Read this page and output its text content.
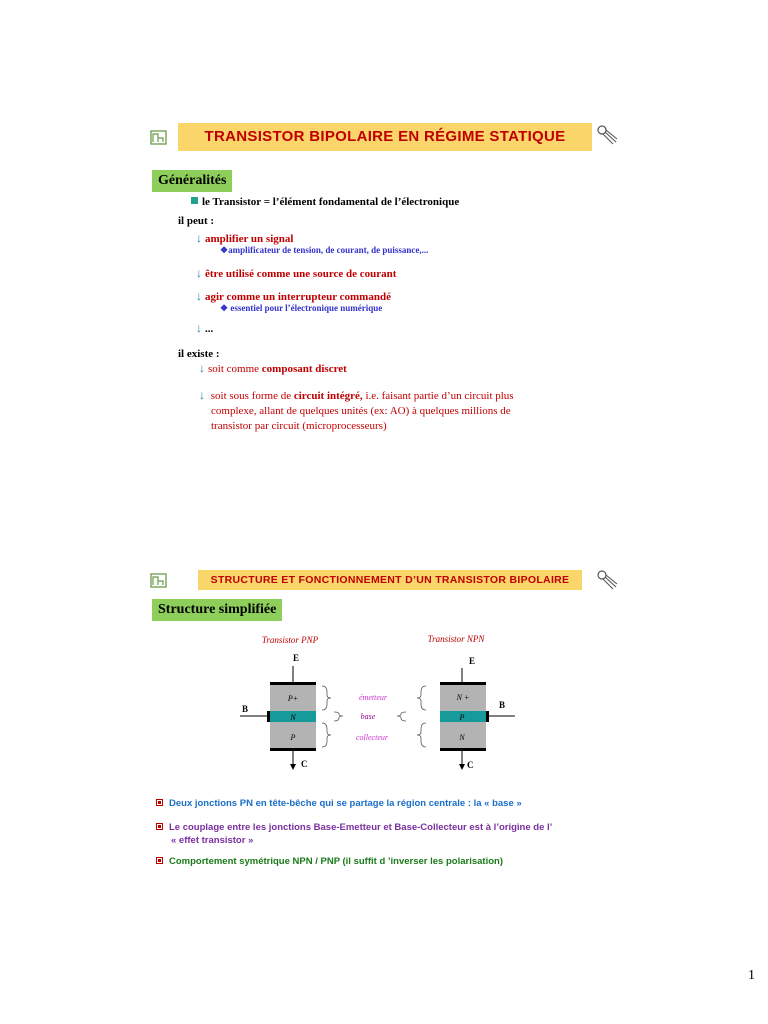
TRANSISTOR BIPOLAIRE EN RÉGIME STATIQUE
Généralités
le Transistor = l’élément fondamental de l’électronique
il peut :
↓ amplifier un signal
❖amplificateur de tension, de courant, de puissance,...
↓ être utilisé comme une source de courant
↓ agir comme un interrupteur commandé
❖ essentiel pour l’électronique numérique
↓ ...
il existe :
↓ soit comme composant discret
↓ soit sous forme de circuit intégré, i.e. faisant partie d’un circuit plus
complexe, allant de quelques unités (ex: AO) à quelques millions de
transistor par circuit (microprocesseurs)
STRUCTURE ET FONCTIONNEMENT D’UN TRANSISTOR BIPOLAIRE
Structure simplifiée
Transistor PNP
E
B
C
P+
N
P
émetteur
base
collecteur
Transistor NPN
E
B
C
N +
P
N
Deux jonctions PN en tête-bêche qui se partage la région centrale : la « base »
Le couplage entre les jonctions Base-Emetteur et Base-Collecteur est à l’origine de l’
« effet transistor »
Comportement symétrique NPN / PNP (il suffit d ’inverser les polarisation)
1
